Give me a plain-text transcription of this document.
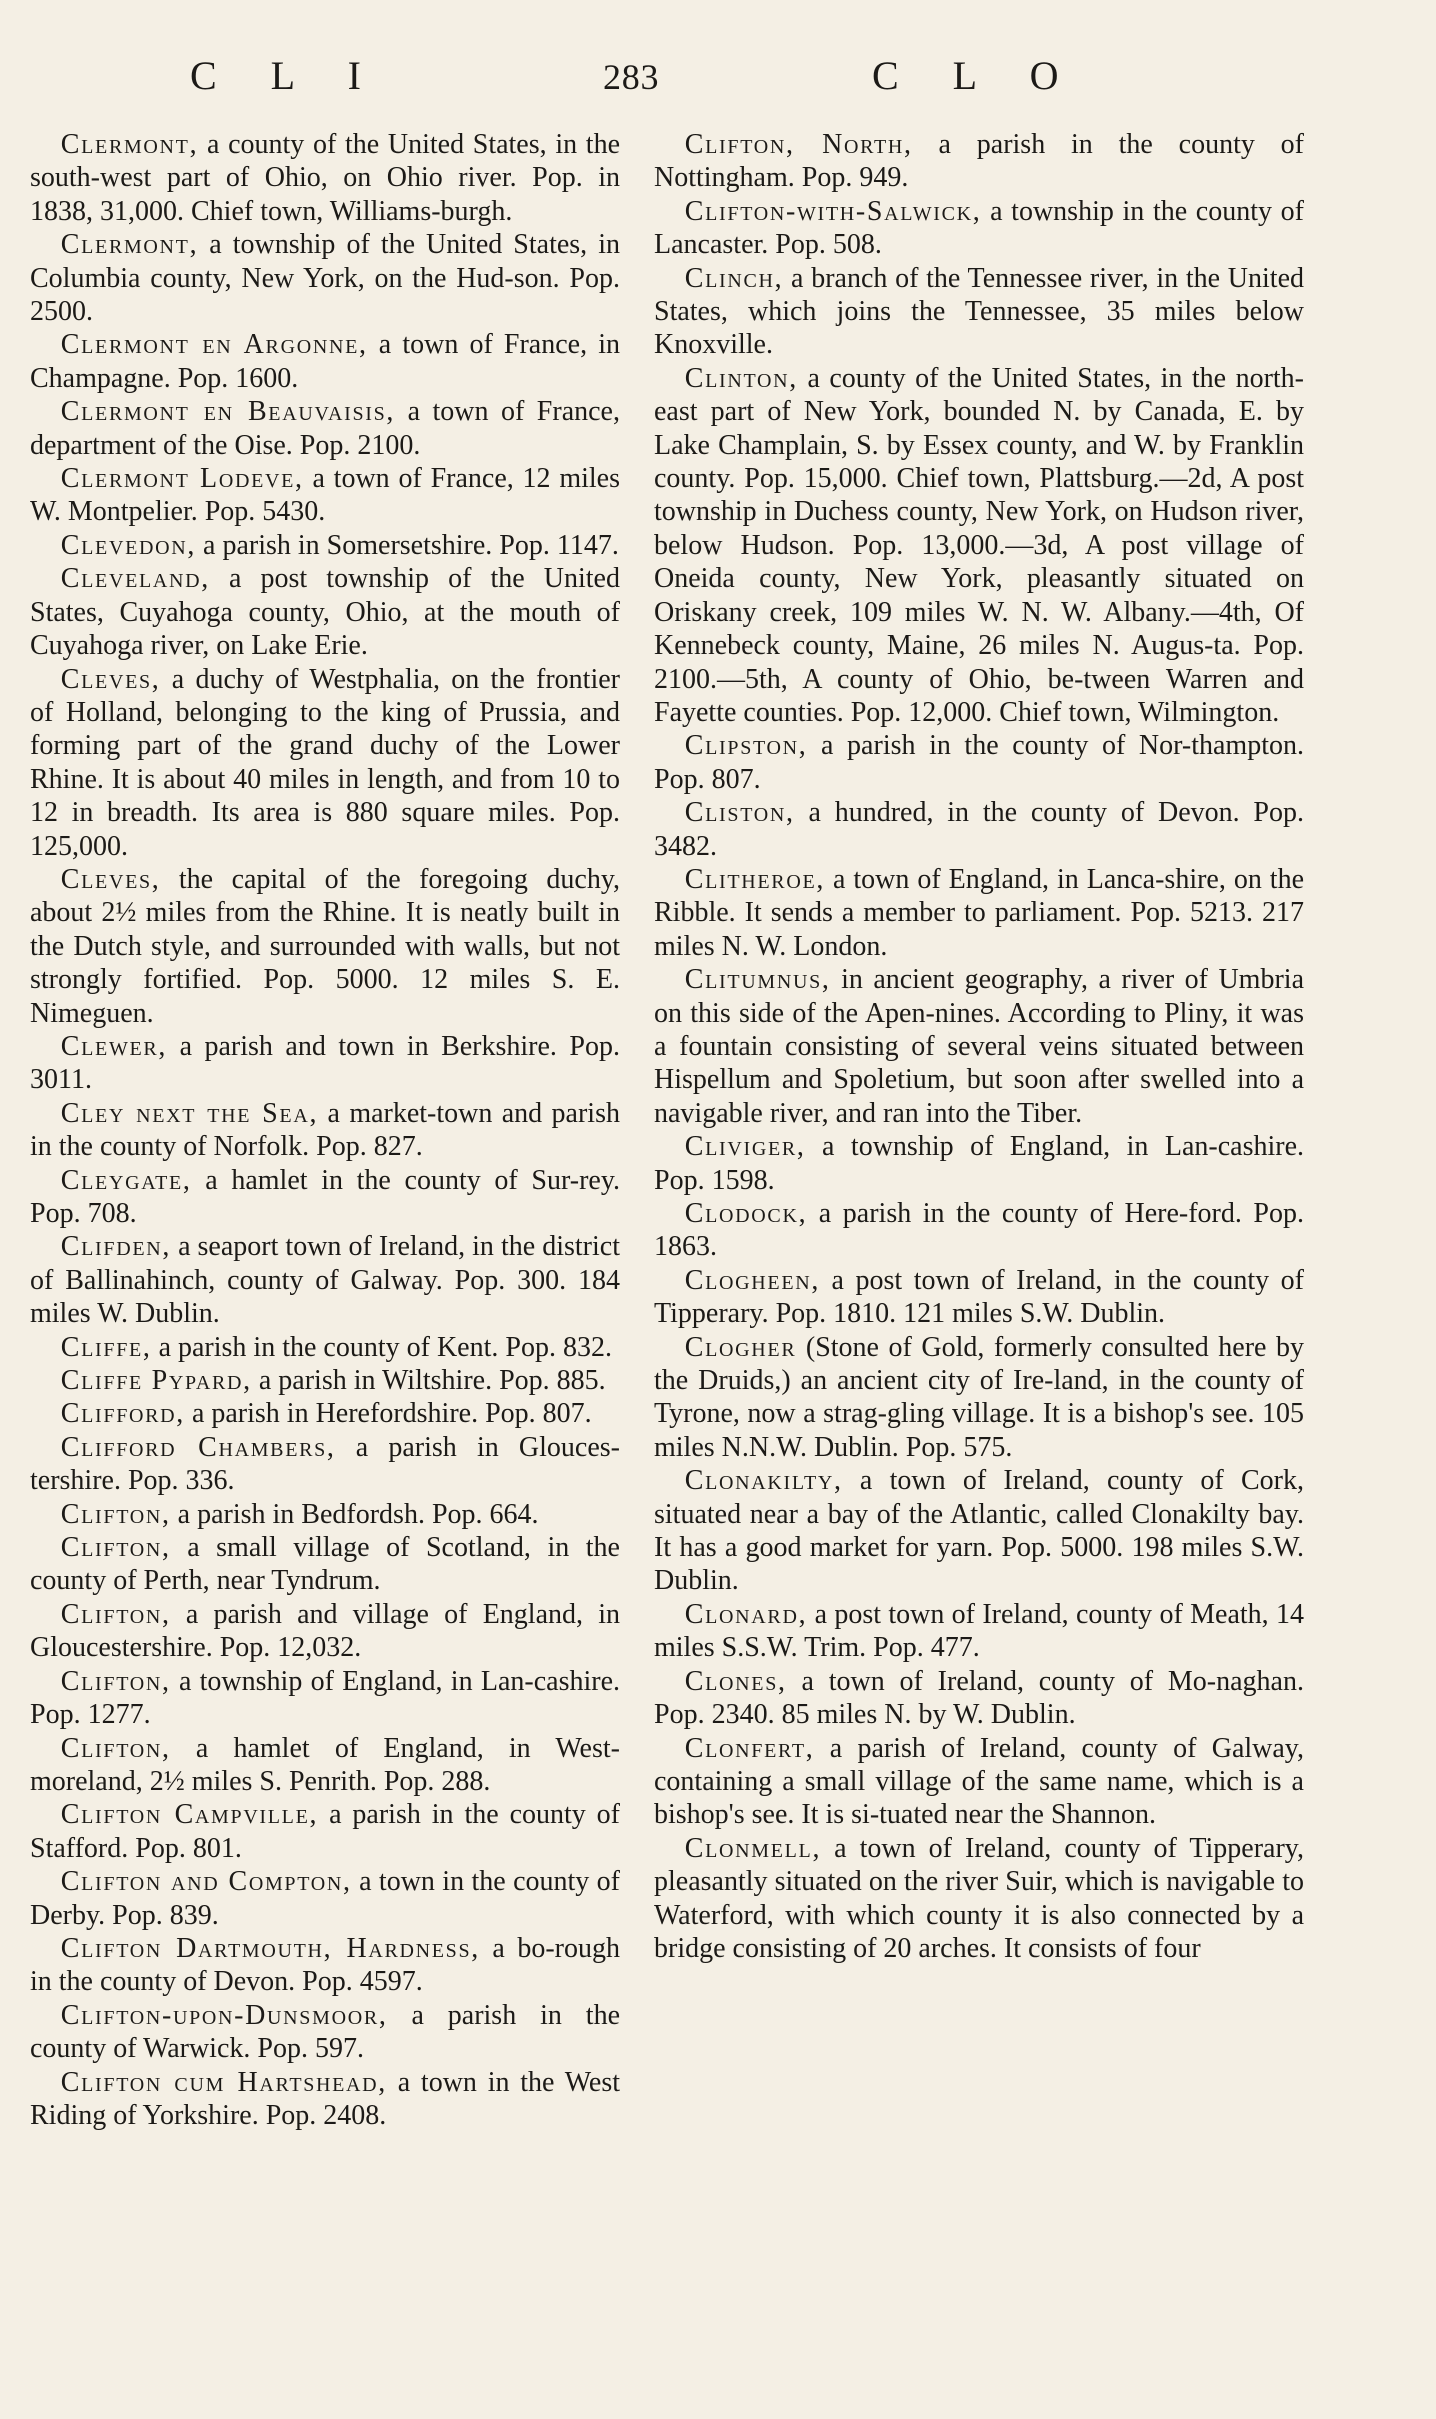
C L I	283	C L O

Clermont, a county of the United States, in the south-west part of Ohio, on Ohio river. Pop. in 1838, 31,000. Chief town, Williams-burgh.

Clermont, a township of the United States, in Columbia county, New York, on the Hud-son. Pop. 2500.

Clermont en Argonne, a town of France, in Champagne. Pop. 1600.

Clermont en Beauvaisis, a town of France, department of the Oise. Pop. 2100.

Clermont Lodeve, a town of France, 12 miles W. Montpelier. Pop. 5430.

Clevedon, a parish in Somersetshire. Pop. 1147.

Cleveland, a post township of the United States, Cuyahoga county, Ohio, at the mouth of Cuyahoga river, on Lake Erie.

Cleves, a duchy of Westphalia, on the frontier of Holland, belonging to the king of Prussia, and forming part of the grand duchy of the Lower Rhine. It is about 40 miles in length, and from 10 to 12 in breadth. Its area is 880 square miles. Pop. 125,000.

Cleves, the capital of the foregoing duchy, about 2½ miles from the Rhine. It is neatly built in the Dutch style, and surrounded with walls, but not strongly fortified. Pop. 5000. 12 miles S. E. Nimeguen.

Clewer, a parish and town in Berkshire. Pop. 3011.

Cley next the Sea, a market-town and parish in the county of Norfolk. Pop. 827.

Cleygate, a hamlet in the county of Sur-rey. Pop. 708.

Clifden, a seaport town of Ireland, in the district of Ballinahinch, county of Galway. Pop. 300. 184 miles W. Dublin.

Cliffe, a parish in the county of Kent. Pop. 832.

Cliffe Pypard, a parish in Wiltshire. Pop. 885.

Clifford, a parish in Herefordshire. Pop. 807.

Clifford Chambers, a parish in Glouces-tershire. Pop. 336.

Clifton, a parish in Bedfordsh. Pop. 664.

Clifton, a small village of Scotland, in the county of Perth, near Tyndrum.

Clifton, a parish and village of England, in Gloucestershire. Pop. 12,032.

Clifton, a township of England, in Lan-cashire. Pop. 1277.

Clifton, a hamlet of England, in West-moreland, 2½ miles S. Penrith. Pop. 288.

Clifton Campville, a parish in the county of Stafford. Pop. 801.

Clifton and Compton, a town in the county of Derby. Pop. 839.

Clifton Dartmouth, Hardness, a bo-rough in the county of Devon. Pop. 4597.

Clifton-upon-Dunsmoor, a parish in the county of Warwick. Pop. 597.

Clifton cum Hartshead, a town in the West Riding of Yorkshire. Pop. 2408.

Clifton, North, a parish in the county of Nottingham. Pop. 949.

Clifton-with-Salwick, a township in the county of Lancaster. Pop. 508.

Clinch, a branch of the Tennessee river, in the United States, which joins the Tennessee, 35 miles below Knoxville.

Clinton, a county of the United States, in the north-east part of New York, bounded N. by Canada, E. by Lake Champlain, S. by Essex county, and W. by Franklin county. Pop. 15,000. Chief town, Plattsburg.—2d, A post township in Duchess county, New York, on Hudson river, below Hudson. Pop. 13,000.—3d, A post village of Oneida county, New York, pleasantly situated on Oriskany creek, 109 miles W. N. W. Albany.—4th, Of Kennebeck county, Maine, 26 miles N. Augus-ta. Pop. 2100.—5th, A county of Ohio, be-tween Warren and Fayette counties. Pop. 12,000. Chief town, Wilmington.

Clipston, a parish in the county of Nor-thampton. Pop. 807.

Cliston, a hundred, in the county of Devon. Pop. 3482.

Clitheroe, a town of England, in Lanca-shire, on the Ribble. It sends a member to parliament. Pop. 5213. 217 miles N. W. London.

Clitumnus, in ancient geography, a river of Umbria on this side of the Apen-nines. According to Pliny, it was a fountain consisting of several veins situated between Hispellum and Spoletium, but soon after swelled into a navigable river, and ran into the Tiber.

Cliviger, a township of England, in Lan-cashire. Pop. 1598.

Clodock, a parish in the county of Here-ford. Pop. 1863.

Clogheen, a post town of Ireland, in the county of Tipperary. Pop. 1810. 121 miles S.W. Dublin.

Clogher (Stone of Gold, formerly consulted here by the Druids,) an ancient city of Ire-land, in the county of Tyrone, now a strag-gling village. It is a bishop's see. 105 miles N.N.W. Dublin. Pop. 575.

Clonakilty, a town of Ireland, county of Cork, situated near a bay of the Atlantic, called Clonakilty bay. It has a good market for yarn. Pop. 5000. 198 miles S.W. Dublin.

Clonard, a post town of Ireland, county of Meath, 14 miles S.S.W. Trim. Pop. 477.

Clones, a town of Ireland, county of Mo-naghan. Pop. 2340. 85 miles N. by W. Dublin.

Clonfert, a parish of Ireland, county of Galway, containing a small village of the same name, which is a bishop's see. It is si-tuated near the Shannon.

Clonmell, a town of Ireland, county of Tipperary, pleasantly situated on the river Suir, which is navigable to Waterford, with which county it is also connected by a bridge consisting of 20 arches. It consists of four
